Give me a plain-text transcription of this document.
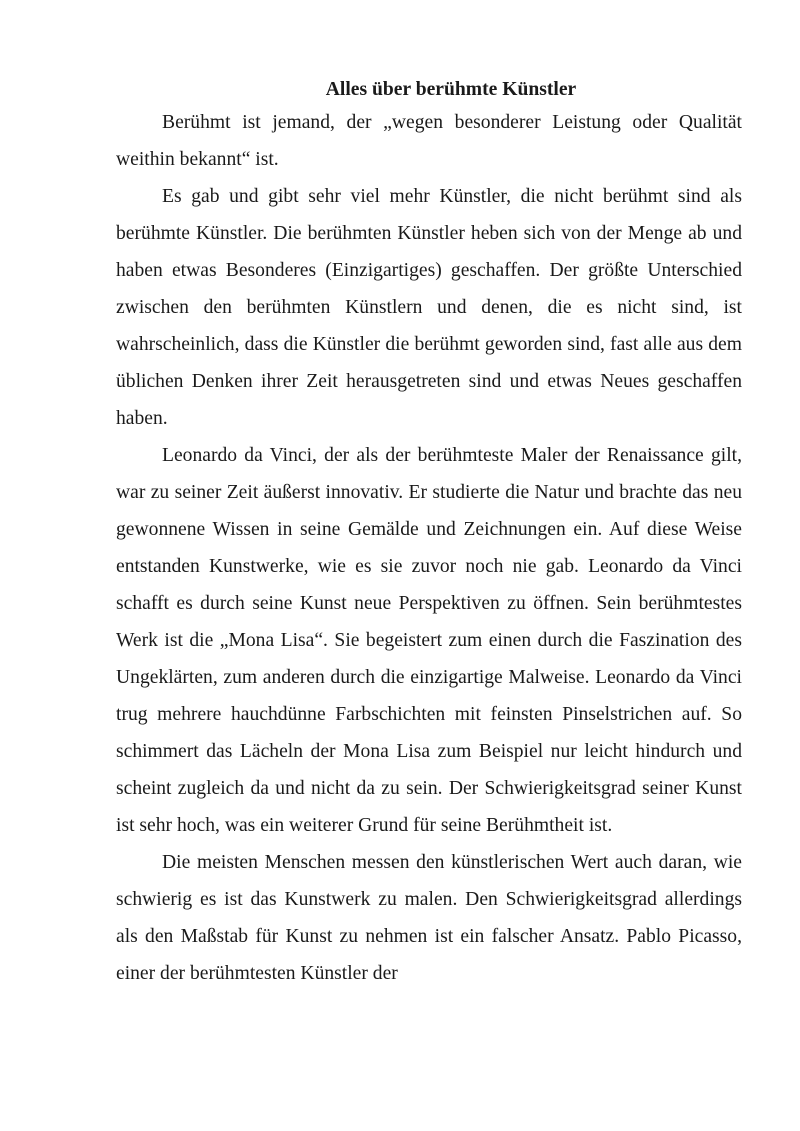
Alles über berühmte Künstler

Berühmt ist jemand, der „wegen besonderer Leistung oder Qualität weithin bekannt“ ist.

Es gab und gibt sehr viel mehr Künstler, die nicht berühmt sind als berühmte Künstler. Die berühmten Künstler heben sich von der Menge ab und haben etwas Besonderes (Einzigartiges) geschaffen. Der größte Unterschied zwischen den berühmten Künstlern und denen, die es nicht sind, ist wahrscheinlich, dass die Künstler die berühmt geworden sind, fast alle aus dem üblichen Denken ihrer Zeit herausgetreten sind und etwas Neues geschaffen haben.

Leonardo da Vinci, der als der berühmteste Maler der Renaissance gilt, war zu seiner Zeit äußerst innovativ. Er studierte die Natur und brachte das neu gewonnene Wissen in seine Gemälde und Zeichnungen ein. Auf diese Weise entstanden Kunstwerke, wie es sie zuvor noch nie gab. Leonardo da Vinci schafft es durch seine Kunst neue Perspektiven zu öffnen. Sein berühmtestes Werk ist die „Mona Lisa“. Sie begeistert zum einen durch die Faszination des Ungeklärten, zum anderen durch die einzigartige Malweise. Leonardo da Vinci trug mehrere hauchdünne Farbschichten mit feinsten Pinselstrichen auf. So schimmert das Lächeln der Mona Lisa zum Beispiel nur leicht hindurch und scheint zugleich da und nicht da zu sein. Der Schwierigkeitsgrad seiner Kunst ist sehr hoch, was ein weiterer Grund für seine Berühmtheit ist.

Die meisten Menschen messen den künstlerischen Wert auch daran, wie schwierig es ist das Kunstwerk zu malen. Den Schwierigkeitsgrad allerdings als den Maßstab für Kunst zu nehmen ist ein falscher Ansatz. Pablo Picasso, einer der berühmtesten Künstler der
